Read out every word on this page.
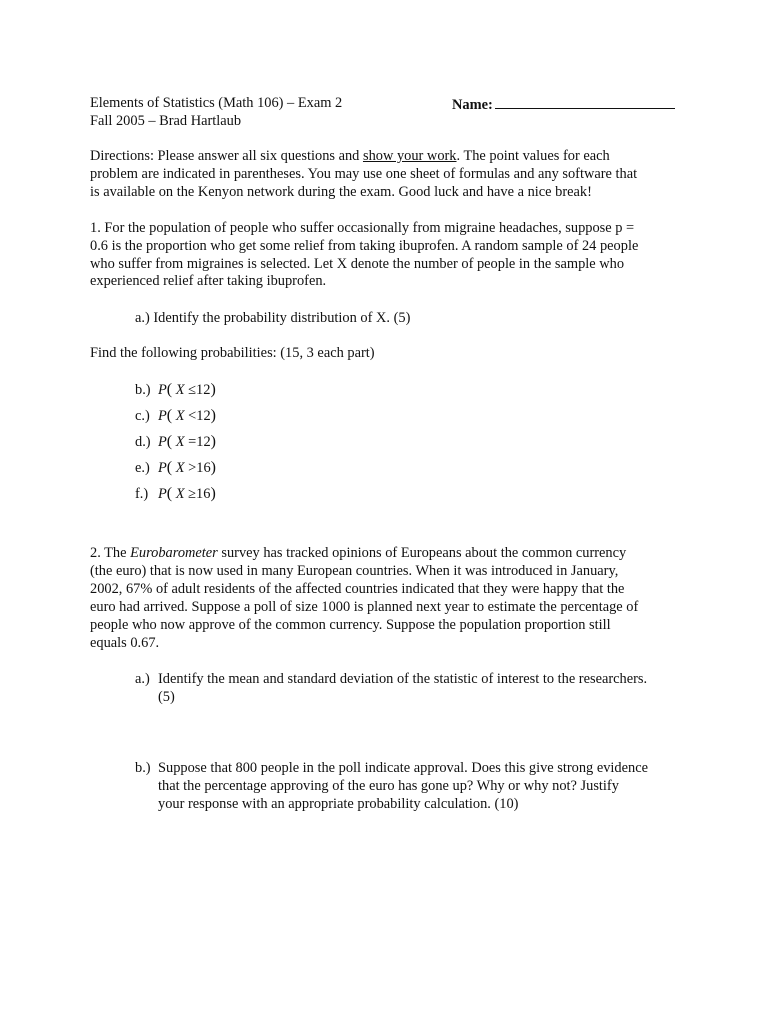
Elements of Statistics (Math 106) – Exam 2	Name:
Fall 2005 – Brad Hartlaub
Directions: Please answer all six questions and show your work. The point values for each
problem are indicated in parentheses. You may use one sheet of formulas and any software that
is available on the Kenyon network during the exam. Good luck and have a nice break!
1. For the population of people who suffer occasionally from migraine headaches, suppose p =
0.6 is the proportion who get some relief from taking ibuprofen. A random sample of 24 people
who suffer from migraines is selected. Let X denote the number of people in the sample who
experienced relief after taking ibuprofen.
a.) Identify the probability distribution of X. (5)
Find the following probabilities: (15, 3 each part)
b.) P( X ≤12)
c.) P( X <12)
d.) P( X =12)
e.) P( X >16)
f.) P( X ≥16)
2. The Eurobarometer survey has tracked opinions of Europeans about the common currency
(the euro) that is now used in many European countries. When it was introduced in January,
2002, 67% of adult residents of the affected countries indicated that they were happy that the
euro had arrived. Suppose a poll of size 1000 is planned next year to estimate the percentage of
people who now approve of the common currency. Suppose the population proportion still
equals 0.67.
a.) Identify the mean and standard deviation of the statistic of interest to the researchers.
(5)
b.) Suppose that 800 people in the poll indicate approval. Does this give strong evidence
that the percentage approving of the euro has gone up? Why or why not? Justify
your response with an appropriate probability calculation. (10)
